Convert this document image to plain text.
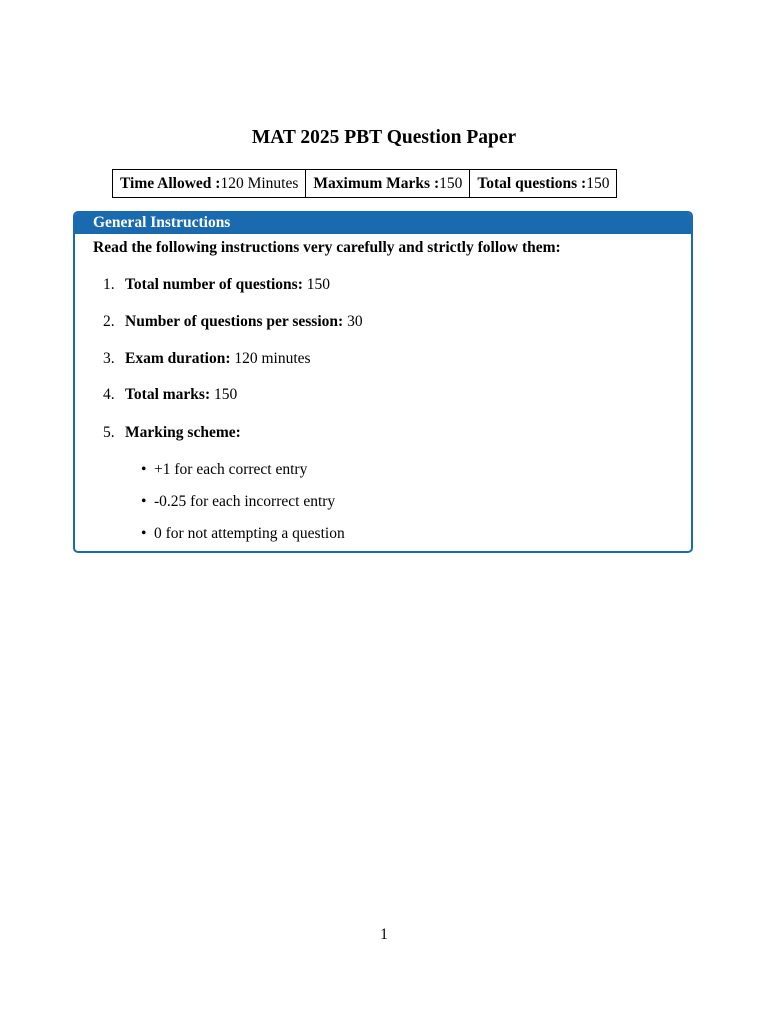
MAT 2025 PBT Question Paper
Time Allowed :120 Minutes	Maximum Marks :150	Total questions :150
General Instructions
Read the following instructions very carefully and strictly follow them:
1. Total number of questions: 150
2. Number of questions per session: 30
3. Exam duration: 120 minutes
4. Total marks: 150
5. Marking scheme:
• +1 for each correct entry
• -0.25 for each incorrect entry
• 0 for not attempting a question
1
